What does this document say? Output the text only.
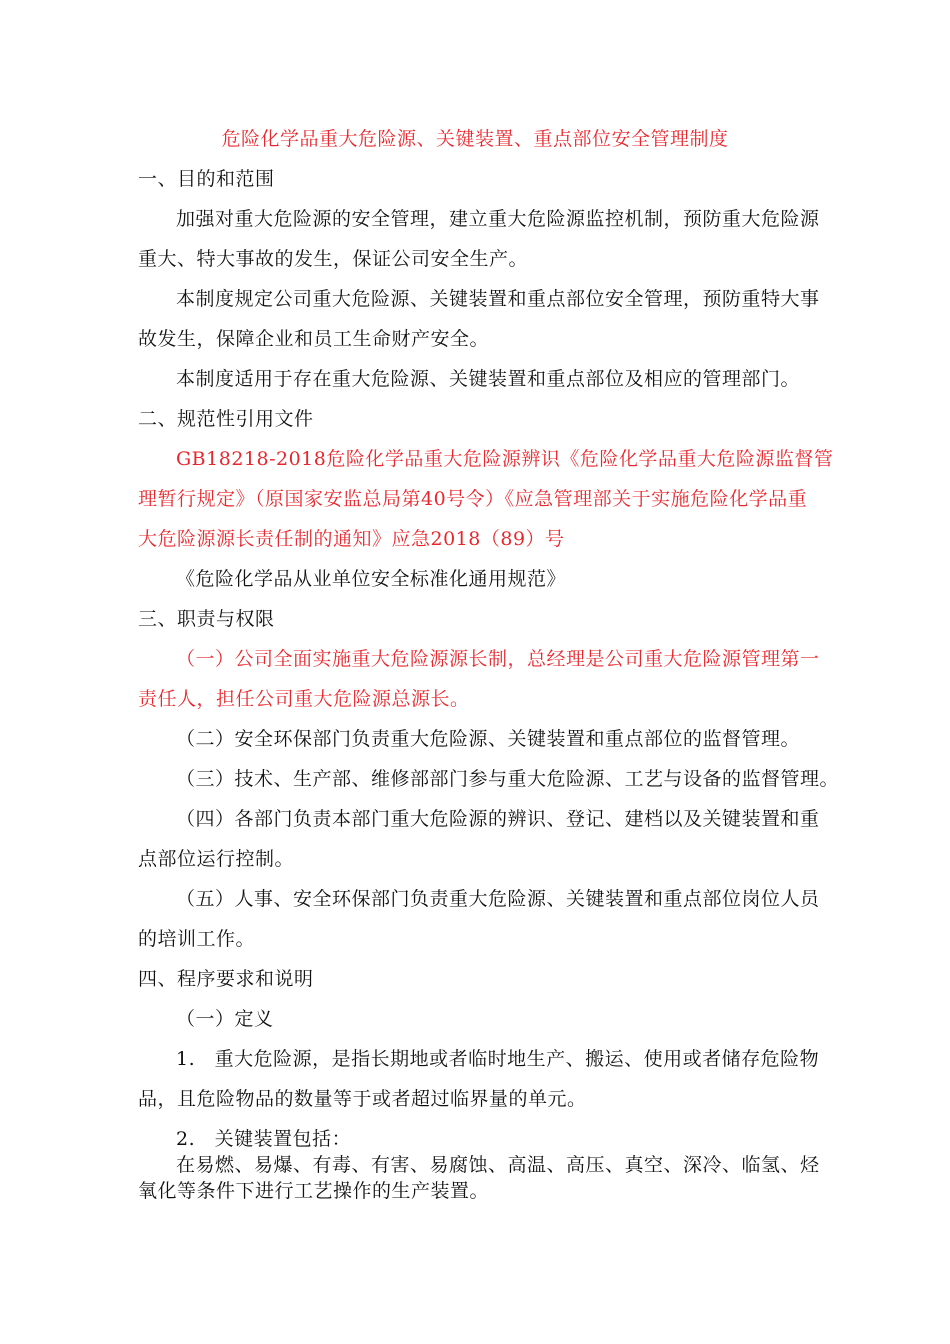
危险化学品重大危险源、关键装置、重点部位安全管理制度
一、目的和范围
加强对重大危险源的安全管理，建立重大危险源监控机制，预防重大危险源
重大、特大事故的发生，保证公司安全生产。
本制度规定公司重大危险源、关键装置和重点部位安全管理，预防重特大事
故发生，保障企业和员工生命财产安全。
本制度适用于存在重大危险源、关键装置和重点部位及相应的管理部门。
二、规范性引用文件
GB18218-2018危险化学品重大危险源辨识《危险化学品重大危险源监督管
理暂行规定》（原国家安监总局第40号令）《应急管理部关于实施危险化学品重
大危险源源长责任制的通知》应急2018（89）号
《危险化学品从业单位安全标准化通用规范》
三、职责与权限
（一）公司全面实施重大危险源源长制，总经理是公司重大危险源管理第一
责任人，担任公司重大危险源总源长。
（二）安全环保部门负责重大危险源、关键装置和重点部位的监督管理。
（三）技术、生产部、维修部部门参与重大危险源、工艺与设备的监督管理。
（四）各部门负责本部门重大危险源的辨识、登记、建档以及关键装置和重
点部位运行控制。
（五）人事、安全环保部门负责重大危险源、关键装置和重点部位岗位人员
的培训工作。
四、程序要求和说明
（一）定义
1.　重大危险源，是指长期地或者临时地生产、搬运、使用或者储存危险物
品，且危险物品的数量等于或者超过临界量的单元。
2.　关键装置包括：
在易燃、易爆、有毒、有害、易腐蚀、高温、高压、真空、深冷、临氢、烃
氧化等条件下进行工艺操作的生产装置。
